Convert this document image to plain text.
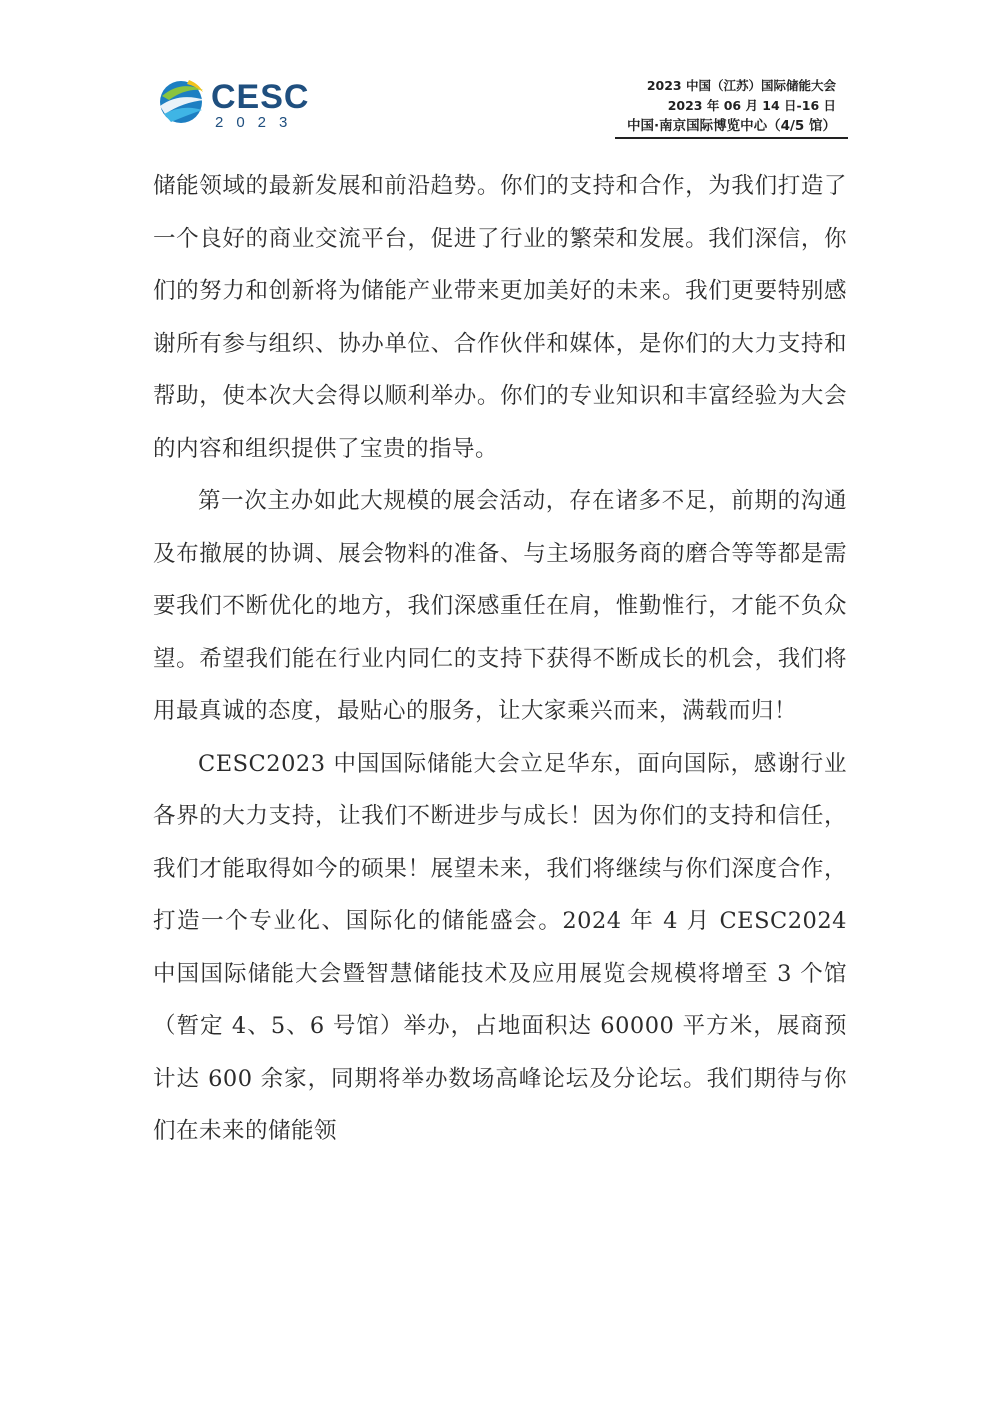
CESC
2023
2023 中国（江苏）国际储能大会
2023 年 06 月 14 日-16 日
中国·南京国际博览中心（4/5 馆）

储能领域的最新发展和前沿趋势。你们的支持和合作，为我们打造了一个良好的商业交流平台，促进了行业的繁荣和发展。我们深信，你们的努力和创新将为储能产业带来更加美好的未来。我们更要特别感谢所有参与组织、协办单位、合作伙伴和媒体，是你们的大力支持和帮助，使本次大会得以顺利举办。你们的专业知识和丰富经验为大会的内容和组织提供了宝贵的指导。

第一次主办如此大规模的展会活动，存在诸多不足，前期的沟通及布撤展的协调、展会物料的准备、与主场服务商的磨合等等都是需要我们不断优化的地方，我们深感重任在肩，惟勤惟行，才能不负众望。希望我们能在行业内同仁的支持下获得不断成长的机会，我们将用最真诚的态度，最贴心的服务，让大家乘兴而来，满载而归！

CESC2023 中国国际储能大会立足华东，面向国际，感谢行业各界的大力支持，让我们不断进步与成长！因为你们的支持和信任，我们才能取得如今的硕果！展望未来，我们将继续与你们深度合作，打造一个专业化、国际化的储能盛会。2024 年 4 月 CESC2024 中国国际储能大会暨智慧储能技术及应用展览会规模将增至 3 个馆（暂定 4、5、6 号馆）举办，占地面积达 60000 平方米，展商预计达 600 余家，同期将举办数场高峰论坛及分论坛。我们期待与你们在未来的储能领
